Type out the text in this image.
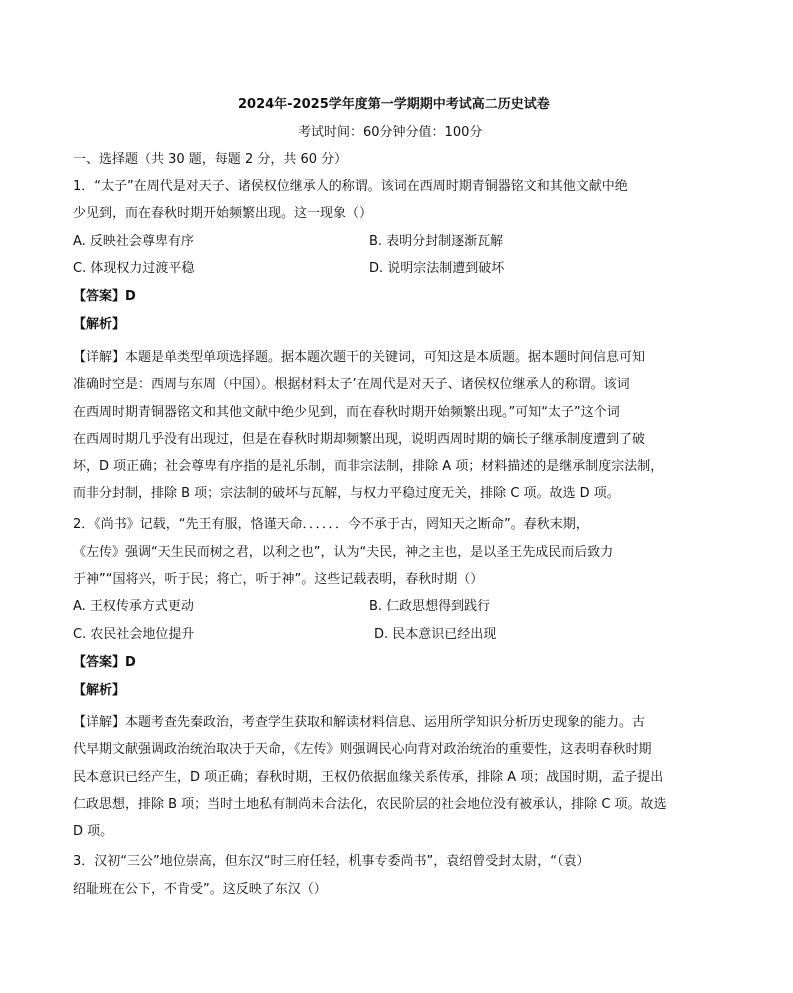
2024年-2025学年度第一学期期中考试高二历史试卷
考试时间：60分钟分值：100分
一、选择题（共 30 题，每题 2 分，共 60 分）
1．“太子”在周代是对天子、诸侯权位继承人的称谓。该词在西周时期青铜器铭文和其他文献中绝
少见到，而在春秋时期开始频繁出现。这一现象（）
A. 反映社会尊卑有序	B. 表明分封制逐渐瓦解
C. 体现权力过渡平稳	D. 说明宗法制遭到破坏
【答案】D
【解析】
【详解】本题是单类型单项选择题。据本题次题干的关键词，可知这是本质题。据本题时间信息可知
准确时空是：西周与东周（中国）。根据材料太子’在周代是对天子、诸侯权位继承人的称谓。该词
在西周时期青铜器铭文和其他文献中绝少见到，而在春秋时期开始频繁出现。”可知“太子”这个词
在西周时期几乎没有出现过，但是在春秋时期却频繁出现，说明西周时期的嫡长子继承制度遭到了破
坏，D 项正确；社会尊卑有序指的是礼乐制，而非宗法制，排除 A 项；材料描述的是继承制度宗法制，
而非分封制，排除 B 项；宗法制的破坏与瓦解，与权力平稳过度无关，排除 C 项。故选 D 项。
2．《尚书》记载，“先王有服，恪谨天命．．．．．．今不承于古，罔知天之断命”。春秋末期，
《左传》强调“天生民而树之君，以利之也”，认为“夫民，神之主也，是以圣王先成民而后致力
于神”“国将兴，听于民；将亡，听于神”。这些记载表明，春秋时期（）
A. 王权传承方式更动	B. 仁政思想得到践行
C. 农民社会地位提升	D. 民本意识已经出现
【答案】D
【解析】
【详解】本题考查先秦政治，考查学生获取和解读材料信息、运用所学知识分析历史现象的能力。古
代早期文献强调政治统治取决于天命，《左传》则强调民心向背对政治统治的重要性，这表明春秋时期
民本意识已经产生，D 项正确；春秋时期，王权仍依据血缘关系传承，排除 A 项；战国时期，孟子提出
仁政思想，排除 B 项；当时土地私有制尚未合法化，农民阶层的社会地位没有被承认，排除 C 项。故选
D 项。
3．汉初“三公”地位崇高，但东汉“时三府任轻，机事专委尚书”，袁绍曾受封太尉，“（袁）
绍耻班在公下，不肯受”。这反映了东汉（）
